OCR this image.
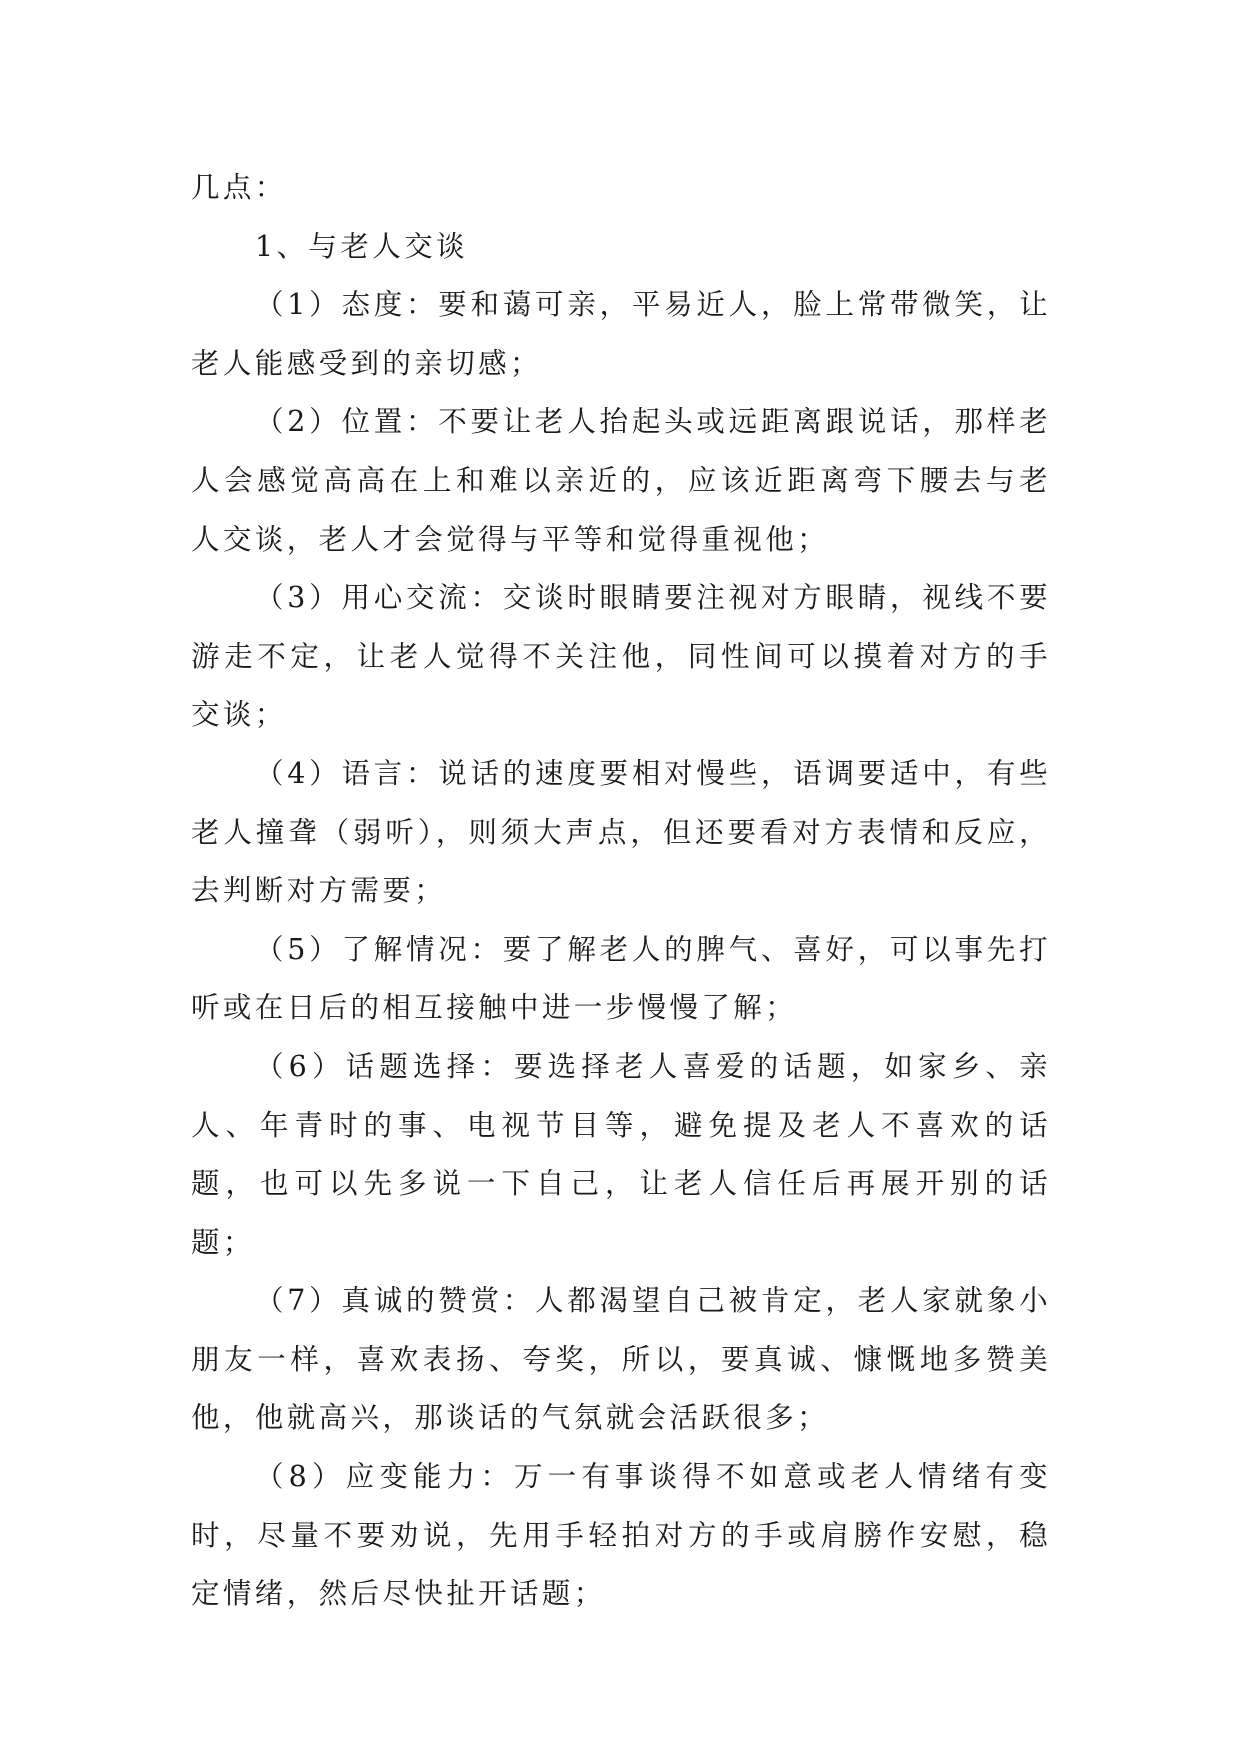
几点：

1、与老人交谈

（1）态度：要和蔼可亲，平易近人，脸上常带微笑，让老人能感受到的亲切感；

（2）位置：不要让老人抬起头或远距离跟说话，那样老人会感觉高高在上和难以亲近的，应该近距离弯下腰去与老人交谈，老人才会觉得与平等和觉得重视他；

（3）用心交流：交谈时眼睛要注视对方眼睛，视线不要游走不定，让老人觉得不关注他，同性间可以摸着对方的手交谈；

（4）语言：说话的速度要相对慢些，语调要适中，有些老人撞聋（弱听），则须大声点，但还要看对方表情和反应，去判断对方需要；

（5）了解情况：要了解老人的脾气、喜好，可以事先打听或在日后的相互接触中进一步慢慢了解；

（6）话题选择：要选择老人喜爱的话题，如家乡、亲人、年青时的事、电视节目等，避免提及老人不喜欢的话题，也可以先多说一下自己，让老人信任后再展开别的话题；

（7）真诚的赞赏：人都渴望自己被肯定，老人家就象小朋友一样，喜欢表扬、夸奖，所以，要真诚、慷慨地多赞美他，他就高兴，那谈话的气氛就会活跃很多；

（8）应变能力：万一有事谈得不如意或老人情绪有变时，尽量不要劝说，先用手轻拍对方的手或肩膀作安慰，稳定情绪，然后尽快扯开话题；
